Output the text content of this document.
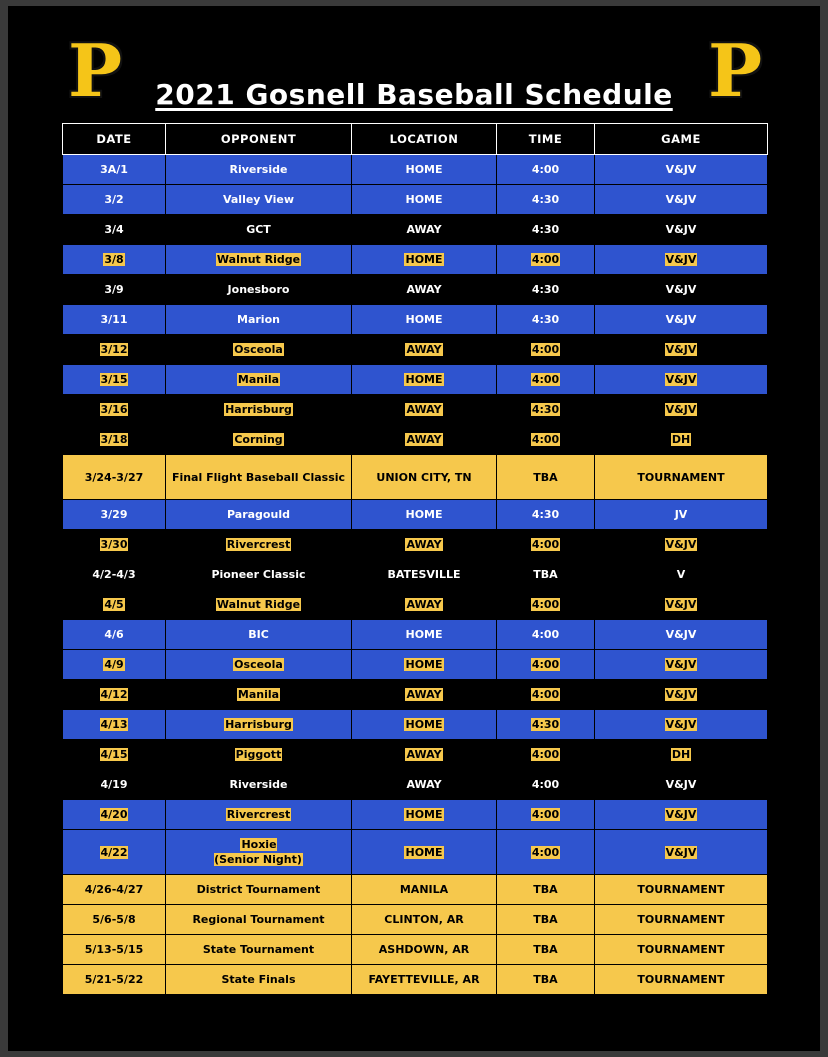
P	P
2021 Gosnell Baseball Schedule
DATE	OPPONENT	LOCATION	TIME	GAME
3A/1	Riverside	HOME	4:00	V&JV
3/2	Valley View	HOME	4:30	V&JV
3/4	GCT	AWAY	4:30	V&JV
3/8	Walnut Ridge	HOME	4:00	V&JV
3/9	Jonesboro	AWAY	4:30	V&JV
3/11	Marion	HOME	4:30	V&JV
3/12	Osceola	AWAY	4:00	V&JV
3/15	Manila	HOME	4:00	V&JV
3/16	Harrisburg	AWAY	4:30	V&JV
3/18	Corning	AWAY	4:00	DH
3/24-3/27	Final Flight Baseball Classic	UNION CITY, TN	TBA	TOURNAMENT
3/29	Paragould	HOME	4:30	JV
3/30	Rivercrest	AWAY	4:00	V&JV
4/2-4/3	Pioneer Classic	BATESVILLE	TBA	V
4/5	Walnut Ridge	AWAY	4:00	V&JV
4/6	BIC	HOME	4:00	V&JV
4/9	Osceola	HOME	4:00	V&JV
4/12	Manila	AWAY	4:00	V&JV
4/13	Harrisburg	HOME	4:30	V&JV
4/15	Piggott	AWAY	4:00	DH
4/19	Riverside	AWAY	4:00	V&JV
4/20	Rivercrest	HOME	4:00	V&JV
4/22	Hoxie
(Senior Night)	HOME	4:00	V&JV
4/26-4/27	District Tournament	MANILA	TBA	TOURNAMENT
5/6-5/8	Regional Tournament	CLINTON, AR	TBA	TOURNAMENT
5/13-5/15	State Tournament	ASHDOWN, AR	TBA	TOURNAMENT
5/21-5/22	State Finals	FAYETTEVILLE, AR	TBA	TOURNAMENT
